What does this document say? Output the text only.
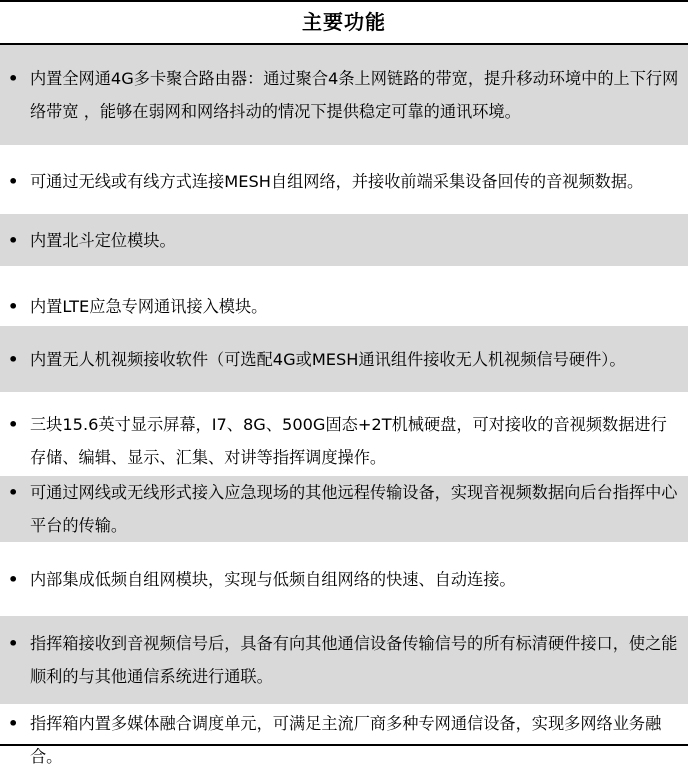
主要功能
• 内置全网通4G多卡聚合路由器：通过聚合4条上网链路的带宽，提升移动环境中的上下行网络带宽 ，能够在弱网和网络抖动的情况下提供稳定可靠的通讯环境。
• 可通过无线或有线方式连接MESH自组网络，并接收前端采集设备回传的音视频数据。
• 内置北斗定位模块。
• 内置LTE应急专网通讯接入模块。
• 内置无人机视频接收软件（可选配4G或MESH通讯组件接收无人机视频信号硬件）。
• 三块15.6英寸显示屏幕，I7、8G、500G固态+2T机械硬盘，可对接收的音视频数据进行存储、编辑、显示、汇集、对讲等指挥调度操作。
• 可通过网线或无线形式接入应急现场的其他远程传输设备，实现音视频数据向后台指挥中心平台的传输。
• 内部集成低频自组网模块，实现与低频自组网络的快速、自动连接。
• 指挥箱接收到音视频信号后，具备有向其他通信设备传输信号的所有标清硬件接口，使之能顺利的与其他通信系统进行通联。
• 指挥箱内置多媒体融合调度单元，可满足主流厂商多种专网通信设备，实现多网络业务融合。
